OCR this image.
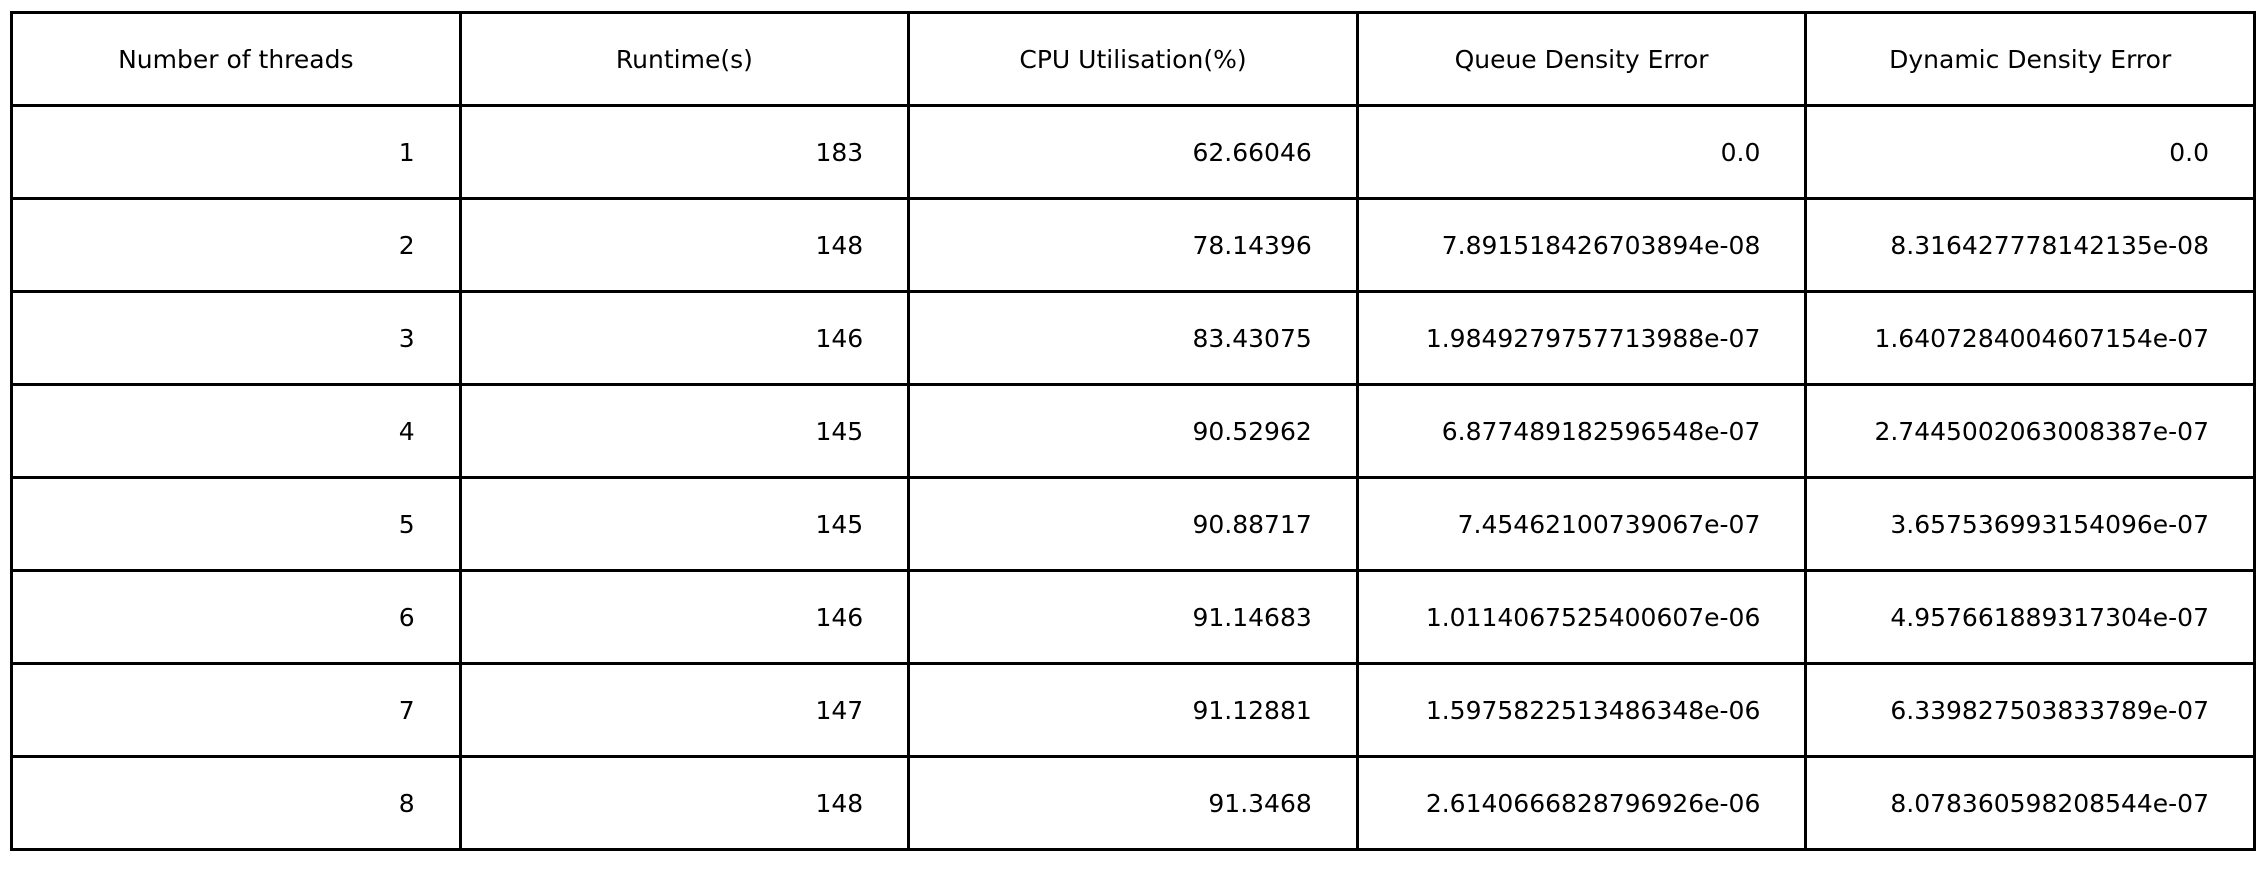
Number of threads	Runtime(s)	CPU Utilisation(%)	Queue Density Error	Dynamic Density Error
1	183	62.66046	0.0	0.0
2	148	78.14396	7.891518426703894e-08	8.316427778142135e-08
3	146	83.43075	1.9849279757713988e-07	1.6407284004607154e-07
4	145	90.52962	6.877489182596548e-07	2.7445002063008387e-07
5	145	90.88717	7.45462100739067e-07	3.657536993154096e-07
6	146	91.14683	1.0114067525400607e-06	4.957661889317304e-07
7	147	91.12881	1.5975822513486348e-06	6.339827503833789e-07
8	148	91.3468	2.6140666828796926e-06	8.078360598208544e-07
